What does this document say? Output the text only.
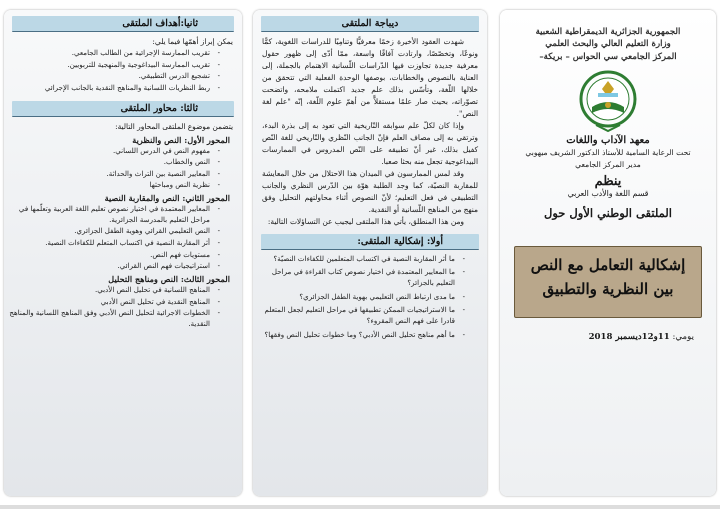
ثانيا:أهداف الملتقى

يمكن إبراز أهمّها فيما يلي:

- تقريب الممارسة الإجرائية من الطالب الجامعي.
- تقريب الممارسة البيداغوجية والمنهجية للتربويين.
- تشجيع الدرس التطبيقي.
- ربط النظريات اللسانية والمناهج النقدية بالجانب الإجرائي
ثالثا: محاور الملتقى

يتضمن موضوع الملتقى المحاور التالية:

المحور الأول: النص والنظرية
- مفهوم النص في الدرس اللساني.
- النص والخطاب.
- المعايير النصية بين التراث والحداثة.
- نظرية النص ومباحثها
المحور الثاني: النص والمقاربة النصية
- المعايير المعتمدة في اختيار نصوص تعليم اللغة العربية وتعلّمها في مراحل التعليم بالمدرسة الجزائرية.
- النص التعليمي القرائي وهوية الطفل الجزائري.
- أثر المقاربة النصية في اكتساب المتعلم للكفاءات النصية.
- مستويات فهم النص.
- استراتيجيات فهم النص القرائي.
المحور الثالث: النص ومناهج التحليل
- المناهج اللسانية في تحليل النص الأدبي.
- المناهج النقدية في تحليل النص الأدبي
- الخطوات الاجرائية لتحليل النص الأدبي وفق المناهج اللسانية والمناهج النقدية.
ديباجة الملتقى

شهدت العقود الأخيرة زخمًا معرفيًّا وتنامِيًا للدراسات اللغوية، كمًّا ونوعًا، وتخصّصًا، وارتادت آفاقًا واسعة، ممّا أدّى إلى ظهور حقول معرفية جديدة تجاوزت فيها الدّراسات اللّسانية الاهتمام بالجملة، إلى العناية بالنصوص والخطابات، بوصفها الوحدة الفعلية التي تتحقق من خلالها اللّغة، وتأسّس بذلك علم جديد اكتملت ملامحه، واتضحت تصوّراته، بحيث صار علمًا مستقلاًّ من أهمّ علوم اللّغة، إنّه "علم لغة النص".

وإذا كان لكلّ علم سوابقه التّاريخية التي تعود به إلى بذرة البدء، وترتقي به إلى مصاف العلم فإنّ الجانب النّظري والتّاريخي للغة النّص كفيل بذلك، غير أنّ تطبيقه على النّص المدروس في الممارسات البيداغوجية تجعل منه بحثا صعبا.

وقد لمس الممارسون في الميدان هذا الاحتلال من خلال المعايشة للمقاربة النصيّة، كما وجد الطلبة هوّة بين الدّرس النظري والجانب التطبيقي في فعل التعليم؛ لأنّ النصوص أثناء محاولتهم التحليل وفق منهج من المناهج اللّسانية أو النقدية.

ومن هذا المنطلق، يأتي هذا الملتقى ليجيب عن التساؤلات التالية:

أولا: إشكالية الملتقى:
- ما أثر المقاربة النصية في اكتساب المتعلمين للكفاءات النصيّة؟
- ما المعايير المعتمدة في اختيار نصوص كتاب القراءة في مراحل التعليم بالجزائر؟
- ما مدى ارتباط النص التعليمي بهوية الطفل الجزائري؟
- ما الاستراتيجيات الممكن تطبيقها في مراحل التعليم لجعل المتعلم قادرا على فهم النص المقروء؟
- ما أهم مناهج تحليل النص الأدبي؟ وما خطوات تحليل النص وفقها؟

الجمهورية الجزائرية الديمقراطية الشعبية

وزارة التعليم العالي والبحث العلمي

المركز الجامعي سي الحواس – بريكة–

معهد الآداب واللغات

تحت الرعاية السامية للأستاذ الدكتور الشريف ميهوبي

مدير المركز الجامعي

ينظم

قسم اللغة والأدب العربي

الملتقى الوطني الأول حول

إشكالية التعامل مع النص

بين النظرية والتطبيق

يومي: 11و12ديسمبر 2018
